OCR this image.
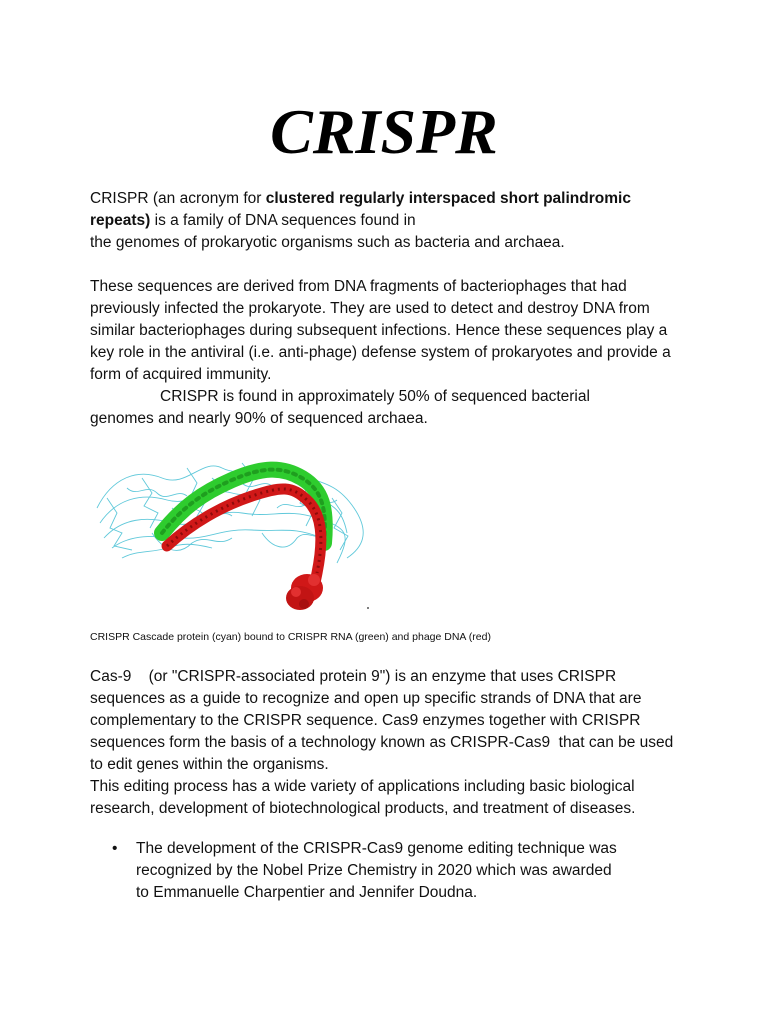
CRISPR
CRISPR (an acronym for clustered regularly interspaced short palindromic repeats) is a family of DNA sequences found in
the genomes of prokaryotic organisms such as bacteria and archaea.

These sequences are derived from DNA fragments of bacteriophages that had previously infected the prokaryote. They are used to detect and destroy DNA from similar bacteriophages during subsequent infections. Hence these sequences play a key role in the antiviral (i.e. anti-phage) defense system of prokaryotes and provide a form of acquired immunity.

CRISPR is found in approximately 50% of sequenced bacterial
genomes and nearly 90% of sequenced archaea.
CRISPR Cascade protein (cyan) bound to CRISPR RNA (green) and phage DNA (red)
Cas-9    (or "CRISPR-associated protein 9") is an enzyme that uses CRISPR
sequences as a guide to recognize and open up specific strands of DNA that are
complementary to the CRISPR sequence. Cas9 enzymes together with CRISPR
sequences form the basis of a technology known as CRISPR-Cas9  that can be used
to edit genes within the organisms.
This editing process has a wide variety of applications including basic biological
research, development of biotechnological products, and treatment of diseases.
•	The development of the CRISPR-Cas9 genome editing technique was
recognized by the Nobel Prize Chemistry in 2020 which was awarded
to Emmanuelle Charpentier and Jennifer Doudna.
